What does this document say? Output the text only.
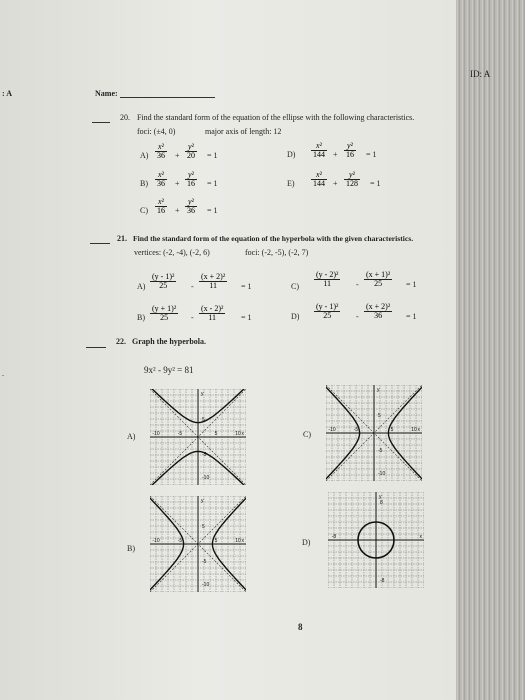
: A	Name:
ID: A
20. Find the standard form of the equation of the ellipse with the following characteristics.
foci: (±4, 0)	major axis of length: 12
$A) \frac{\text{x²}}{36} + \frac{\text{y²}}{20} = 1$
$B) \frac{\text{x²}}{36} + \frac{\text{y²}}{16} = 1$
$C) \frac{\text{x²}}{16} + \frac{\text{y²}}{36} = 1$
$D) \frac{\text{x²}}{144} + \frac{\text{y²}}{16} = 1$
$E) \frac{\text{x²}}{144} + \frac{\text{y²}}{128} = 1$
21. Find the standard form of the equation of the hyperbola with the given characteristics.
vertices: (-2, -4), (-2, 6)	foci: (-2, -5), (-2, 7)
$A) \frac{\text{(y - 1)²}}{25} - \frac{\text{(x + 2)²}}{11} = 1$
$B) \frac{\text{(y + 1)²}}{25} - \frac{\text{(x - 2)²}}{11} = 1$
$C) \frac{\text{(y - 2)²}}{11} - \frac{\text{(x + 1)²}}{25} = 1$
$D) \frac{\text{(y - 1)²}}{25} - \frac{\text{(x + 2)²}}{36} = 1$
.
22. Graph the hyperbola.
9x² - 9y² = 81
A)	C)
B)
D)
y
5
-10	-5	5	10 x
-5
-10
y
5
-10	-5	5	10 x
-5
-10
y
5
-10	-5	5	10 x
-5
-10
y
8
-8	x
-8
8
